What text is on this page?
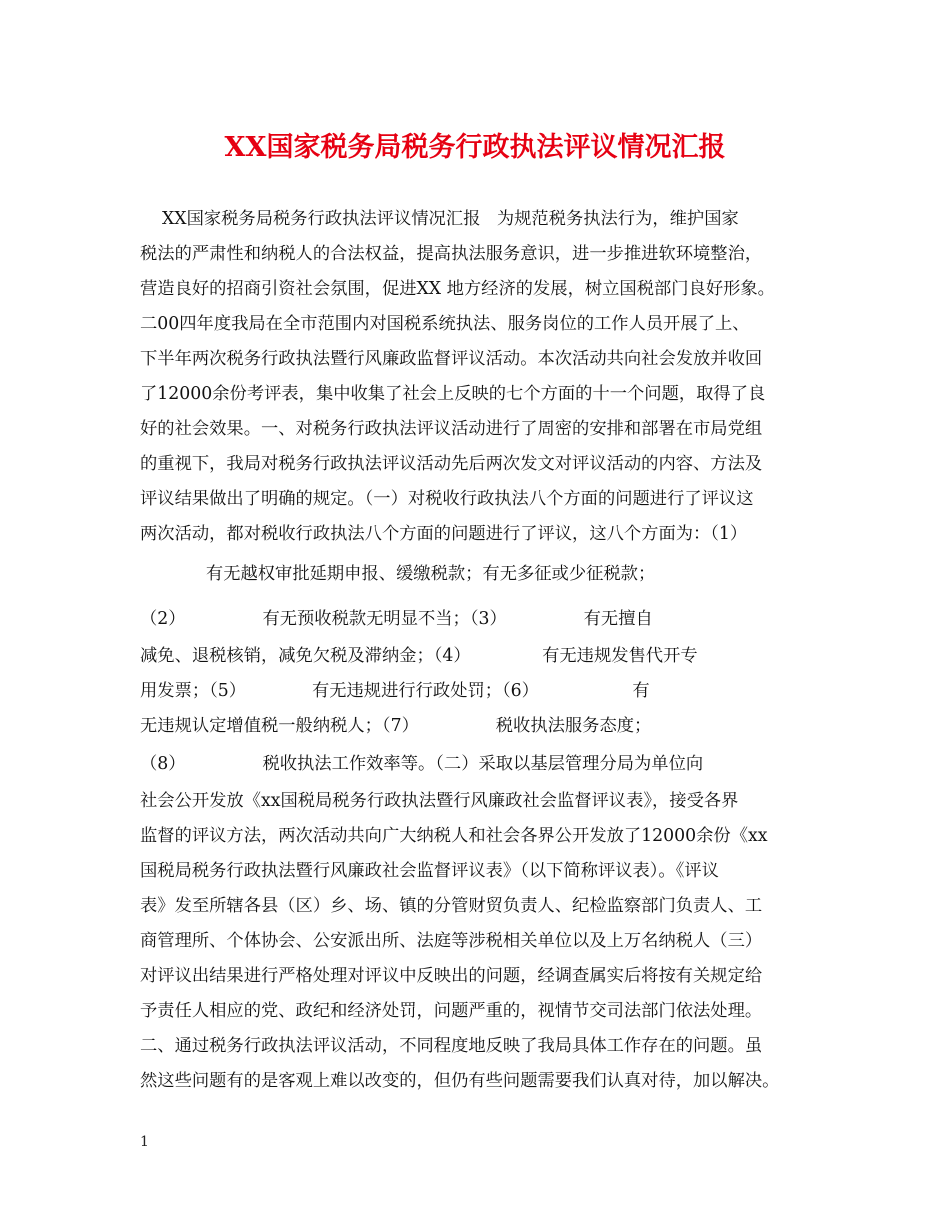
XX国家税务局税务行政执法评议情况汇报

XX国家税务局税务行政执法评议情况汇报   为规范税务执法行为，维护国家

税法的严肃性和纳税人的合法权益，提高执法服务意识，进一步推进软环境整治，

营造良好的招商引资社会氛围，促进XX 地方经济的发展，树立国税部门良好形象。

二00四年度我局在全市范围内对国税系统执法、服务岗位的工作人员开展了上、

下半年两次税务行政执法暨行风廉政监督评议活动。本次活动共向社会发放并收回

了12000余份考评表，集中收集了社会上反映的七个方面的十一个问题，取得了良

好的社会效果。一、对税务行政执法评议活动进行了周密的安排和部署在市局党组

的重视下，我局对税务行政执法评议活动先后两次发文对评议活动的内容、方法及

评议结果做出了明确的规定。（一）对税收行政执法八个方面的问题进行了评议这

两次活动，都对税收行政执法八个方面的问题进行了评议，这八个方面为：（1）

有无越权审批延期申报、缓缴税款；有无多征或少征税款；

（2）              有无预收税款无明显不当；（3）              有无擅自

减免、退税核销，减免欠税及滞纳金；（4）             有无违规发售代开专

用发票；（5）            有无违规进行行政处罚；（6）                 有

无违规认定增值税一般纳税人；（7）              税收执法服务态度；

（8）              税收执法工作效率等。（二）采取以基层管理分局为单位向

社会公开发放《xx国税局税务行政执法暨行风廉政社会监督评议表》，接受各界

监督的评议方法，两次活动共向广大纳税人和社会各界公开发放了12000余份《xx

国税局税务行政执法暨行风廉政社会监督评议表》（以下简称评议表）。《评议

表》发至所辖各县（区）乡、场、镇的分管财贸负责人、纪检监察部门负责人、工

商管理所、个体协会、公安派出所、法庭等涉税相关单位以及上万名纳税人（三）

对评议出结果进行严格处理对评议中反映出的问题，经调查属实后将按有关规定给

予责任人相应的党、政纪和经济处罚，问题严重的，视情节交司法部门依法处理。

二、通过税务行政执法评议活动，不同程度地反映了我局具体工作存在的问题。虽

然这些问题有的是客观上难以改变的，但仍有些问题需要我们认真对待，加以解决。

1
